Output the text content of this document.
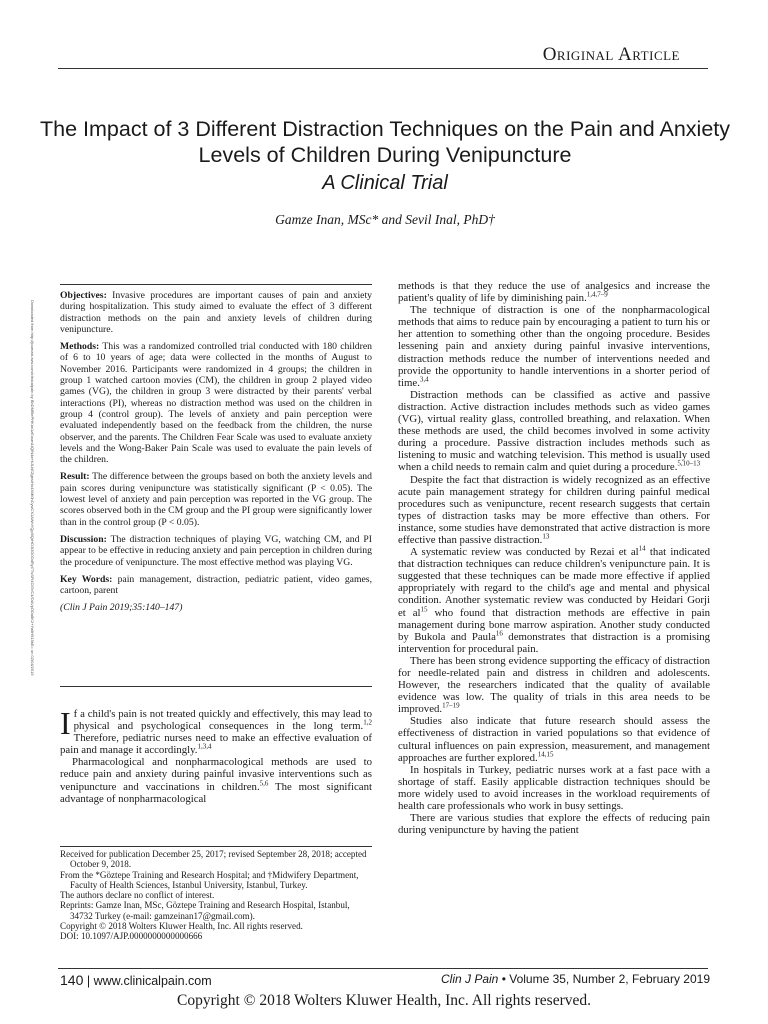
Original Article
The Impact of 3 Different Distraction Techniques on the Pain and Anxiety Levels of Children During Venipuncture
A Clinical Trial
Gamze Inan, MSc* and Sevil Inal, PhD†
Downloaded from http://journals.lww.com/clinicalpain by BhDMf5ePHKav1zEoum1tQfN4a+kJLhEZgbsIHo4XMi0hCywCX1AWnYQp/IlQrHD3i3D0OdRyi7TvSFl4Cf3VC4/OAVpDDa8K2+Ya6H515kE= on 02/04/2019

Objectives: Invasive procedures are important causes of pain and anxiety during hospitalization. This study aimed to evaluate the effect of 3 different distraction methods on the pain and anxiety levels of children during venipuncture.

Methods: This was a randomized controlled trial conducted with 180 children of 6 to 10 years of age; data were collected in the months of August to November 2016. Participants were randomized in 4 groups; the children in group 1 watched cartoon movies (CM), the children in group 2 played video games (VG), the children in group 3 were distracted by their parents' verbal interactions (PI), whereas no distraction method was used on the children in group 4 (control group). The levels of anxiety and pain perception were evaluated independently based on the feedback from the children, the nurse observer, and the parents. The Children Fear Scale was used to evaluate anxiety levels and the Wong-Baker Pain Scale was used to evaluate the pain levels of the children.

Result: The difference between the groups based on both the anxiety levels and pain scores during venipuncture was statistically significant (P < 0.05). The lowest level of anxiety and pain perception was reported in the VG group. The scores observed both in the CM group and the PI group were significantly lower than in the control group (P < 0.05).

Discussion: The distraction techniques of playing VG, watching CM, and PI appear to be effective in reducing anxiety and pain perception in children during the procedure of venipuncture. The most effective method was playing VG.

Key Words: pain management, distraction, pediatric patient, video games, cartoon, parent

(Clin J Pain 2019;35:140–147)

If a child's pain is not treated quickly and effectively, this may lead to physical and psychological consequences in the long term.$^{1,2}$ Therefore, pediatric nurses need to make an effective evaluation of pain and manage it accordingly.$^{1,3,4}$

Pharmacological and nonpharmacological methods are used to reduce pain and anxiety during painful invasive interventions such as venipuncture and vaccinations in children.$^{5,6}$ The most significant advantage of nonpharmacological

Received for publication December 25, 2017; revised September 28, 2018; accepted October 9, 2018.
From the *Göztepe Training and Research Hospital; and †Midwifery Department, Faculty of Health Sciences, Istanbul University, Istanbul, Turkey.
The authors declare no conflict of interest.
Reprints: Gamze Inan, MSc, Göztepe Training and Research Hospital, Istanbul, 34732 Turkey (e-mail: gamzeinan17@gmail.com).
Copyright © 2018 Wolters Kluwer Health, Inc. All rights reserved.
DOI: 10.1097/AJP.0000000000000666

methods is that they reduce the use of analgesics and increase the patient's quality of life by diminishing pain.$^{1,4,7-9}$

The technique of distraction is one of the nonpharmacological methods that aims to reduce pain by encouraging a patient to turn his or her attention to something other than the ongoing procedure. Besides lessening pain and anxiety during painful invasive interventions, distraction methods reduce the number of interventions needed and provide the opportunity to handle interventions in a shorter period of time.$^{3,4}$

Distraction methods can be classified as active and passive distraction. Active distraction includes methods such as video games (VG), virtual reality glass, controlled breathing, and relaxation. When these methods are used, the child becomes involved in some activity during a procedure. Passive distraction includes methods such as listening to music and watching television. This method is usually used when a child needs to remain calm and quiet during a procedure.$^{5,10-13}$

Despite the fact that distraction is widely recognized as an effective acute pain management strategy for children during painful medical procedures such as venipuncture, recent research suggests that certain types of distraction tasks may be more effective than others. For instance, some studies have demonstrated that active distraction is more effective than passive distraction.$^{13}$

A systematic review was conducted by Rezai et $al^{14}$ that indicated that distraction techniques can reduce children's venipuncture pain. It is suggested that these techniques can be made more effective if applied appropriately with regard to the child's age and mental and physical condition. Another systematic review was conducted by Heidari Gorji et $al^{15}$ who found that distraction methods are effective in pain management during bone marrow aspiration. Another study conducted by Bukola and Paula$^{16}$ demonstrates that distraction is a promising intervention for procedural pain.

There has been strong evidence supporting the efficacy of distraction for needle-related pain and distress in children and adolescents. However, the researchers indicated that the quality of available evidence was low. The quality of trials in this area needs to be improved.$^{17-19}$

Studies also indicate that future research should assess the effectiveness of distraction in varied populations so that evidence of cultural influences on pain expression, measurement, and management approaches are further explored.$^{14,15}$

In hospitals in Turkey, pediatric nurses work at a fast pace with a shortage of staff. Easily applicable distraction techniques should be more widely used to avoid increases in the workload requirements of health care professionals who work in busy settings.

There are various studies that explore the effects of reducing pain during venipuncture by having the patient

140 | www.clinicalpain.com	Clin J Pain • Volume 35, Number 2, February 2019
Copyright © 2018 Wolters Kluwer Health, Inc. All rights reserved.
